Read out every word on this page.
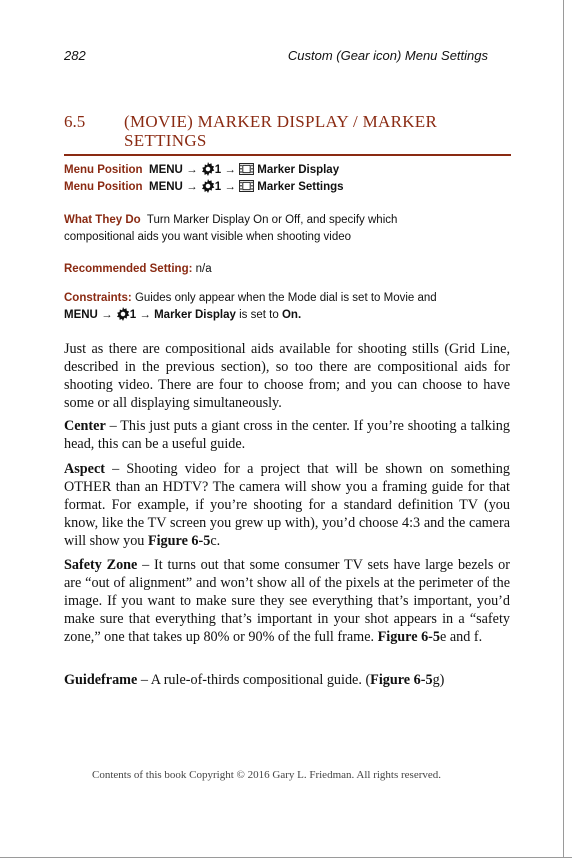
282	Custom (Gear icon) Menu Settings
6.5 (MOVIE) MARKER DISPLAY / MARKER SETTINGS
Menu Position MENU → 1 → Marker Display
Menu Position MENU → 1 → Marker Settings
What They Do Turn Marker Display On or Off, and specify which compositional aids you want visible when shooting video
Recommended Setting: n/a
Constraints: Guides only appear when the Mode dial is set to Movie and
MENU → 1 → Marker Display is set to On.

Just as there are compositional aids available for shooting stills (Grid Line, described in the previous section), so too there are compositional aids for shooting video. There are four to choose from; and you can choose to have some or all displaying simultaneously.

Center – This just puts a giant cross in the center. If you’re shooting a talking head, this can be a useful guide.

Aspect – Shooting video for a project that will be shown on something OTHER than an HDTV? The camera will show you a framing guide for that format. For example, if you’re shooting for a standard definition TV (you know, like the TV screen you grew up with), you’d choose 4:3 and the camera will show you Figure 6-5c.

Safety Zone – It turns out that some consumer TV sets have large bezels or are “out of alignment” and won’t show all of the pixels at the perimeter of the image. If you want to make sure they see everything that’s important, you’d make sure that everything that’s important in your shot appears in a “safety zone,” one that takes up 80% or 90% of the full frame. Figure 6-5e and f.

Guideframe – A rule-of-thirds compositional guide. (Figure 6-5g)

Contents of this book Copyright © 2016 Gary L. Friedman. All rights reserved.
